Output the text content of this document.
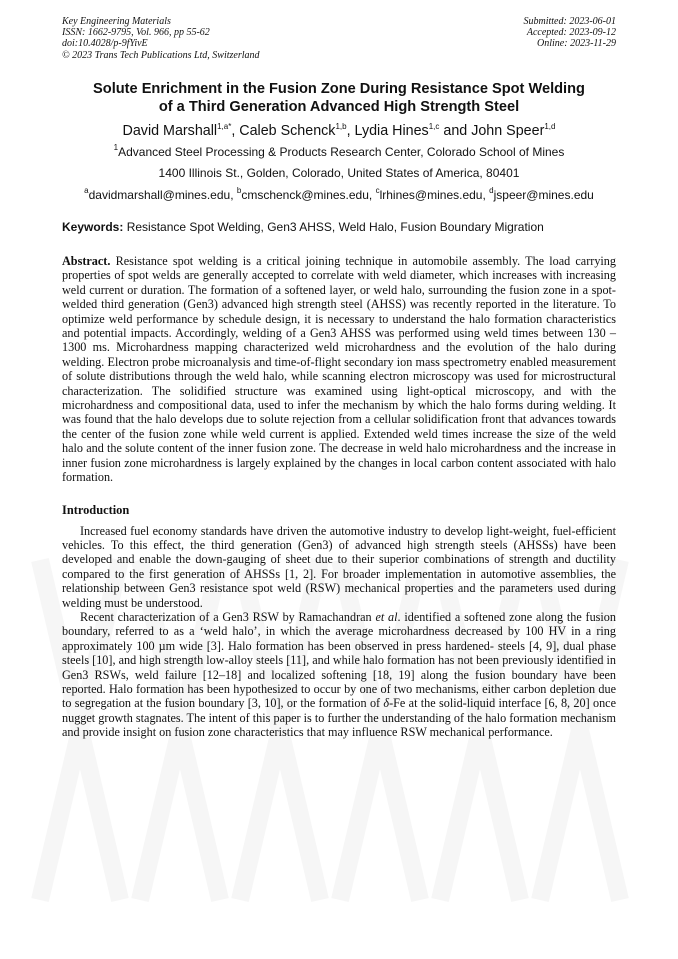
Key Engineering Materials
ISSN: 1662-9795, Vol. 966, pp 55-62
doi:10.4028/p-9fYivE
© 2023 Trans Tech Publications Ltd, Switzerland
Submitted: 2023-06-01
Accepted: 2023-09-12
Online: 2023-11-29
Solute Enrichment in the Fusion Zone During Resistance Spot Welding
of a Third Generation Advanced High Strength Steel
David Marshall$^{1,a*}$, Caleb Schenck$^{1,b}$, Lydia Hines$^{1,c}$ and John Speer$^{1,d}$
$^1$Advanced Steel Processing & Products Research Center, Colorado School of Mines
1400 Illinois St., Golden, Colorado, United States of America, 80401
$^a$davidmarshall@mines.edu, $^b$cmschenck@mines.edu, $^c$lrhines@mines.edu, $^d$jspeer@mines.edu
Keywords: Resistance Spot Welding, Gen3 AHSS, Weld Halo, Fusion Boundary Migration
Abstract. Resistance spot welding is a critical joining technique in automobile assembly. The load carrying properties of spot welds are generally accepted to correlate with weld diameter, which increases with increasing weld current or duration. The formation of a softened layer, or weld halo, surrounding the fusion zone in a spot-welded third generation (Gen3) advanced high strength steel (AHSS) was recently reported in the literature. To optimize weld performance by schedule design, it is necessary to understand the halo formation characteristics and potential impacts. Accordingly, welding of a Gen3 AHSS was performed using weld times between 130 – 1300 ms. Microhardness mapping characterized weld microhardness and the evolution of the halo during welding. Electron probe microanalysis and time-of-flight secondary ion mass spectrometry enabled measurement of solute distributions through the weld halo, while scanning electron microscopy was used for microstructural characterization. The solidified structure was examined using light-optical microscopy, and with the microhardness and compositional data, used to infer the mechanism by which the halo forms during welding. It was found that the halo develops due to solute rejection from a cellular solidification front that advances towards the center of the fusion zone while weld current is applied. Extended weld times increase the size of the weld halo and the solute content of the inner fusion zone. The decrease in weld halo microhardness and the increase in inner fusion zone microhardness is largely explained by the changes in local carbon content associated with halo formation.
Introduction

Increased fuel economy standards have driven the automotive industry to develop light-weight, fuel-efficient vehicles. To this effect, the third generation (Gen3) of advanced high strength steels (AHSSs) have been developed and enable the down-gauging of sheet due to their superior combinations of strength and ductility compared to the first generation of AHSSs [1, 2]. For broader implementation in automotive assemblies, the relationship between Gen3 resistance spot weld (RSW) mechanical properties and the parameters used during welding must be understood.

Recent characterization of a Gen3 RSW by Ramachandran et al. identified a softened zone along the fusion boundary, referred to as a ‘weld halo’, in which the average microhardness decreased by 100 HV in a ring approximately 100 µm wide [3]. Halo formation has been observed in press hardened- steels [4, 9], dual phase steels [10], and high strength low-alloy steels [11], and while halo formation has not been previously identified in Gen3 RSWs, weld failure [12–18] and localized softening [18, 19] along the fusion boundary have been reported. Halo formation has been hypothesized to occur by one of two mechanisms, either carbon depletion due to segregation at the fusion boundary [3, 10], or the formation of δ-Fe at the solid-liquid interface [6, 8, 20] once nugget growth stagnates. The intent of this paper is to further the understanding of the halo formation mechanism and provide insight on fusion zone characteristics that may influence RSW mechanical performance.
